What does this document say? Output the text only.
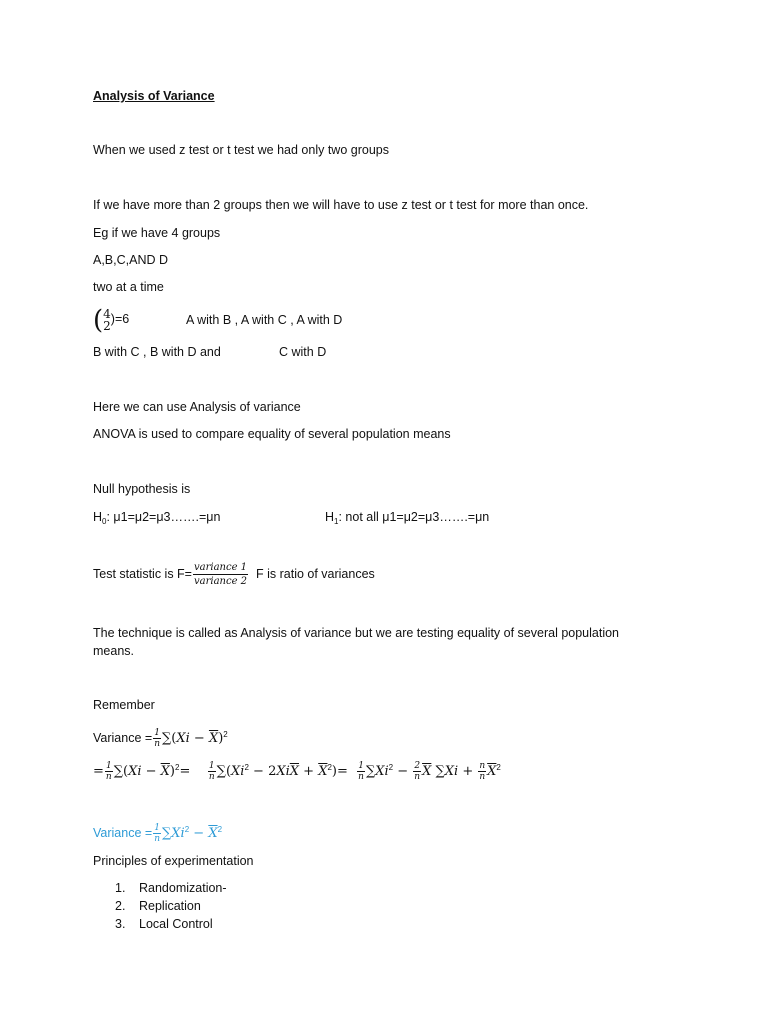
Analysis of Variance
When we used z test or t test we had only two groups
If we have more than 2 groups then we will have to use z test or t test for more than once.
Eg if we have 4 groups
A,B,C,AND D
two at a time
( 4
2
)=6	A with B , A with C , A with D
B with C , B with D and	C with D
Here we can use Analysis of variance
ANOVA is used to compare equality of several population means
Null hypothesis is
$H_0$: μ1=μ2=μ3…….=μn	$H_1$: not all μ1=μ2=μ3…….=μn
Test statistic is $F= \frac{\text{variance 1}}{\text{variance 2}}$ F is ratio of variances
The technique is called as Analysis of variance but we are testing equality of several population
means.
Remember
Variance = $\frac{1}{n} \sum(Xi - \overline{X})^2$
= $\frac{1}{n} \sum(Xi - \overline{X})^2= \frac{1}{n} \sum(Xi^2 - 2Xi\overline{X} + \overline{X}^2)= \frac{1}{n} \sum Xi^2 - \frac{2}{n} \overline{X}$ $\sum Xi + \frac{n}{n} \overline{X}^2$
Variance = $\frac{1}{n} \sum Xi^2 - \overline{X}^2$
Principles of experimentation
1. Randomization-
2. Replication
3. Local Control
